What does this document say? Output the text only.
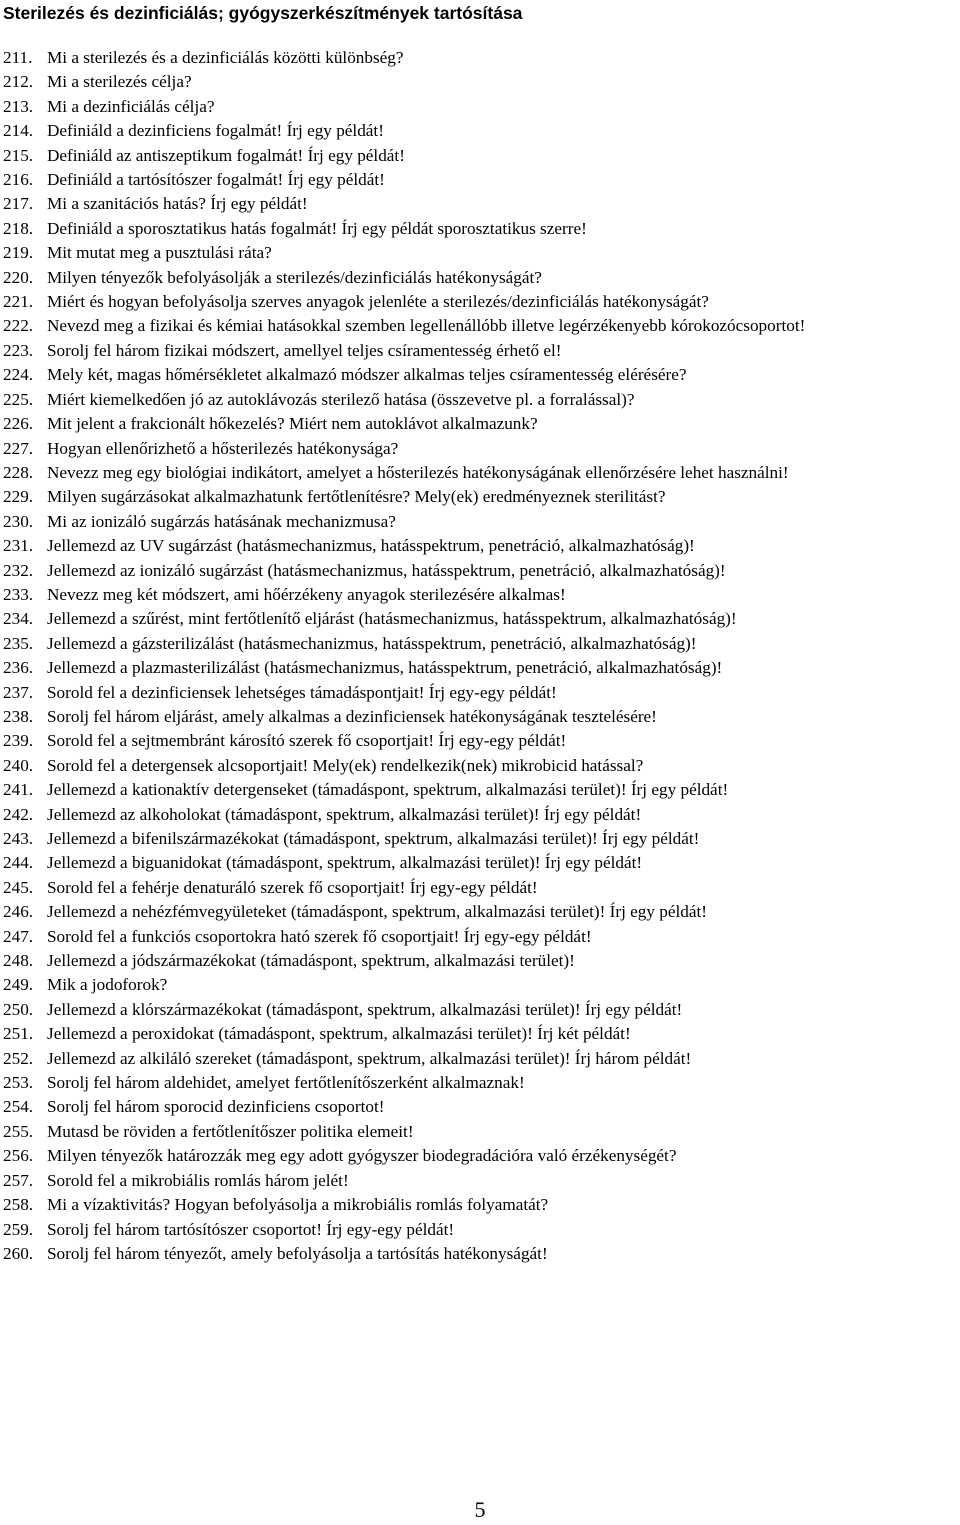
Sterilezés és dezinficiálás; gyógyszerkészítmények tartósítása
211. Mi a sterilezés és a dezinficiálás közötti különbség?
212. Mi a sterilezés célja?
213. Mi a dezinficiálás célja?
214. Definiáld a dezinficiens fogalmát! Írj egy példát!
215. Definiáld az antiszeptikum fogalmát! Írj egy példát!
216. Definiáld a tartósítószer fogalmát! Írj egy példát!
217. Mi a szanitációs hatás? Írj egy példát!
218. Definiáld a sporosztatikus hatás fogalmát! Írj egy példát sporosztatikus szerre!
219. Mit mutat meg a pusztulási ráta?
220. Milyen tényezők befolyásolják a sterilezés/dezinficiálás hatékonyságát?
221. Miért és hogyan befolyásolja szerves anyagok jelenléte a sterilezés/dezinficiálás hatékonyságát?
222. Nevezd meg a fizikai és kémiai hatásokkal szemben legellenállóbb illetve legérzékenyebb kórokozócsoportot!
223. Sorolj fel három fizikai módszert, amellyel teljes csíramentesség érhető el!
224. Mely két, magas hőmérsékletet alkalmazó módszer alkalmas teljes csíramentesség elérésére?
225. Miért kiemelkedően jó az autoklávozás sterilező hatása (összevetve pl. a forralással)?
226. Mit jelent a frakcionált hőkezelés? Miért nem autoklávot alkalmazunk?
227. Hogyan ellenőrizhető a hősterilezés hatékonysága?
228. Nevezz meg egy biológiai indikátort, amelyet a hősterilezés hatékonyságának ellenőrzésére lehet használni!
229. Milyen sugárzásokat alkalmazhatunk fertőtlenítésre? Mely(ek) eredményeznek sterilitást?
230. Mi az ionizáló sugárzás hatásának mechanizmusa?
231. Jellemezd az UV sugárzást (hatásmechanizmus, hatásspektrum, penetráció, alkalmazhatóság)!
232. Jellemezd az ionizáló sugárzást (hatásmechanizmus, hatásspektrum, penetráció, alkalmazhatóság)!
233. Nevezz meg két módszert, ami hőérzékeny anyagok sterilezésére alkalmas!
234. Jellemezd a szűrést, mint fertőtlenítő eljárást (hatásmechanizmus, hatásspektrum, alkalmazhatóság)!
235. Jellemezd a gázsterilizálást (hatásmechanizmus, hatásspektrum, penetráció, alkalmazhatóság)!
236. Jellemezd a plazmasterilizálást (hatásmechanizmus, hatásspektrum, penetráció, alkalmazhatóság)!
237. Sorold fel a dezinficiensek lehetséges támadáspontjait! Írj egy-egy példát!
238. Sorolj fel három eljárást, amely alkalmas a dezinficiensek hatékonyságának tesztelésére!
239. Sorold fel a sejtmembránt károsító szerek fő csoportjait! Írj egy-egy példát!
240. Sorold fel a detergensek alcsoportjait! Mely(ek) rendelkezik(nek) mikrobicid hatással?
241. Jellemezd a kationaktív detergenseket (támadáspont, spektrum, alkalmazási terület)! Írj egy példát!
242. Jellemezd az alkoholokat (támadáspont, spektrum, alkalmazási terület)! Írj egy példát!
243. Jellemezd a bifenilszármazékokat (támadáspont, spektrum, alkalmazási terület)! Írj egy példát!
244. Jellemezd a biguanidokat (támadáspont, spektrum, alkalmazási terület)! Írj egy példát!
245. Sorold fel a fehérje denaturáló szerek fő csoportjait! Írj egy-egy példát!
246. Jellemezd a nehézfémvegyületeket (támadáspont, spektrum, alkalmazási terület)! Írj egy példát!
247. Sorold fel a funkciós csoportokra ható szerek fő csoportjait! Írj egy-egy példát!
248. Jellemezd a jódszármazékokat (támadáspont, spektrum, alkalmazási terület)!
249. Mik a jodoforok?
250. Jellemezd a klórszármazékokat (támadáspont, spektrum, alkalmazási terület)! Írj egy példát!
251. Jellemezd a peroxidokat (támadáspont, spektrum, alkalmazási terület)! Írj két példát!
252. Jellemezd az alkiláló szereket (támadáspont, spektrum, alkalmazási terület)! Írj három példát!
253. Sorolj fel három aldehidet, amelyet fertőtlenítőszerként alkalmaznak!
254. Sorolj fel három sporocid dezinficiens csoportot!
255. Mutasd be röviden a fertőtlenítőszer politika elemeit!
256. Milyen tényezők határozzák meg egy adott gyógyszer biodegradációra való érzékenységét?
257. Sorold fel a mikrobiális romlás három jelét!
258. Mi a vízaktivitás? Hogyan befolyásolja a mikrobiális romlás folyamatát?
259. Sorolj fel három tartósítószer csoportot! Írj egy-egy példát!
260. Sorolj fel három tényezőt, amely befolyásolja a tartósítás hatékonyságát!
5
